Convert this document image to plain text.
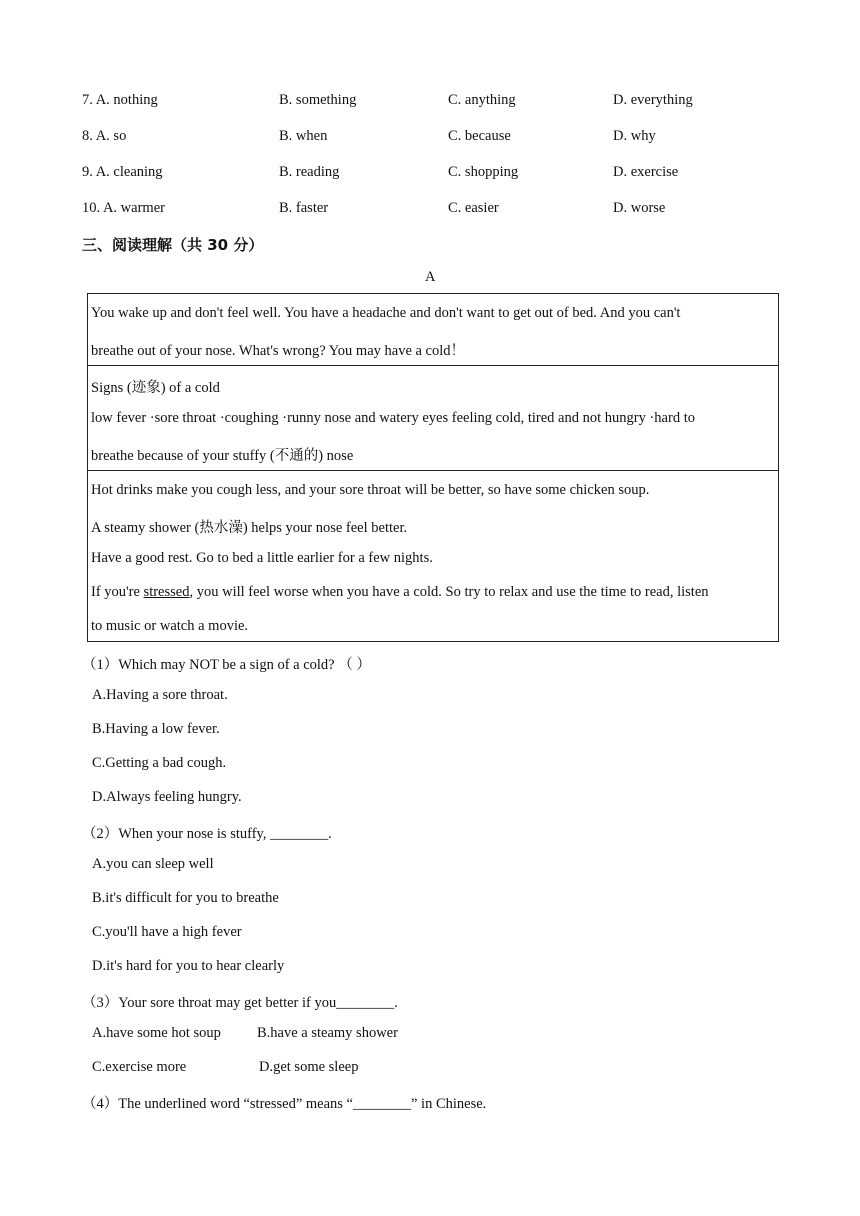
7. A. nothing	B. something	C. anything	D. everything
8. A. so	B. when	C. because	D. why
9. A. cleaning	B. reading	C. shopping	D. exercise
10. A. warmer	B. faster	C. easier	D. worse
三、阅读理解（共 30 分）
A
You wake up and don't feel well. You have a headache and don't want to get out of bed. And you can't
breathe out of your nose. What's wrong? You may have a cold！
Signs (迹象) of a cold
low fever ·sore throat ·coughing ·runny nose and watery eyes feeling cold, tired and not hungry ·hard to
breathe because of your stuffy (不通的) nose
Hot drinks make you cough less, and your sore throat will be better, so have some chicken soup.
A steamy shower (热水澡) helps your nose feel better.
Have a good rest. Go to bed a little earlier for a few nights.
If you're stressed, you will feel worse when you have a cold. So try to relax and use the time to read, listen
to music or watch a movie.
（1）Which may NOT be a sign of a cold? （ ）
A.Having a sore throat.
B.Having a low fever.
C.Getting a bad cough.
D.Always feeling hungry.
（2）When your nose is stuffy, ________.
A.you can sleep well
B.it's difficult for you to breathe
C.you'll have a high fever
D.it's hard for you to hear clearly
（3）Your sore throat may get better if you________.
A.have some hot soup B.have a steamy shower
C.exercise more	D.get some sleep
（4）The underlined word “stressed” means “________” in Chinese.
